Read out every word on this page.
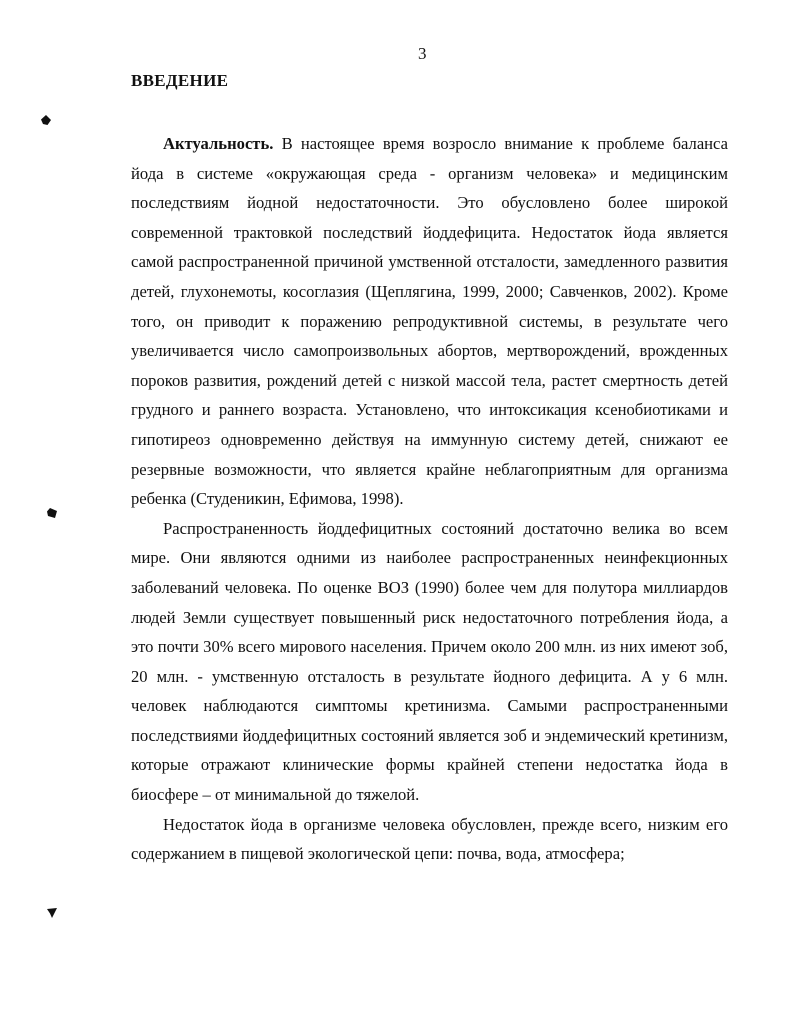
3
ВВЕДЕНИЕ

Актуальность. В настоящее время возросло внимание к проблеме баланса йода в системе «окружающая среда - организм человека» и медицинским последствиям йодной недостаточности. Это обусловлено более широкой современной трактовкой последствий йоддефицита. Недостаток йода является самой распространенной причиной умственной отсталости, замедленного развития детей, глухонемоты, косоглазия (Щеплягина, 1999, 2000; Савченков, 2002). Кроме того, он приводит к поражению репродуктивной системы, в результате чего увеличивается число самопроизвольных абортов, мертворождений, врожденных пороков развития, рождений детей с низкой массой тела, растет смертность детей грудного и раннего возраста. Установлено, что интоксикация ксенобиотиками и гипотиреоз одновременно действуя на иммунную систему детей, снижают ее резервные возможности, что является крайне неблагоприятным для организма ребенка (Студеникин, Ефимова, 1998).

Распространенность йоддефицитных состояний достаточно велика во всем мире. Они являются одними из наиболее распространенных неинфекционных заболеваний человека. По оценке ВОЗ (1990) более чем для полутора миллиардов людей Земли существует повышенный риск недостаточного потребления йода, а это почти 30% всего мирового населения. Причем около 200 млн. из них имеют зоб, 20 млн. - умственную отсталость в результате йодного дефицита. А у 6 млн. человек наблюдаются симптомы кретинизма. Самыми распространенными последствиями йоддефицитных состояний является зоб и эндемический кретинизм, которые отражают клинические формы крайней степени недостатка йода в биосфере – от минимальной до тяжелой.

Недостаток йода в организме человека обусловлен, прежде всего, низким его содержанием в пищевой экологической цепи: почва, вода, атмосфера;
